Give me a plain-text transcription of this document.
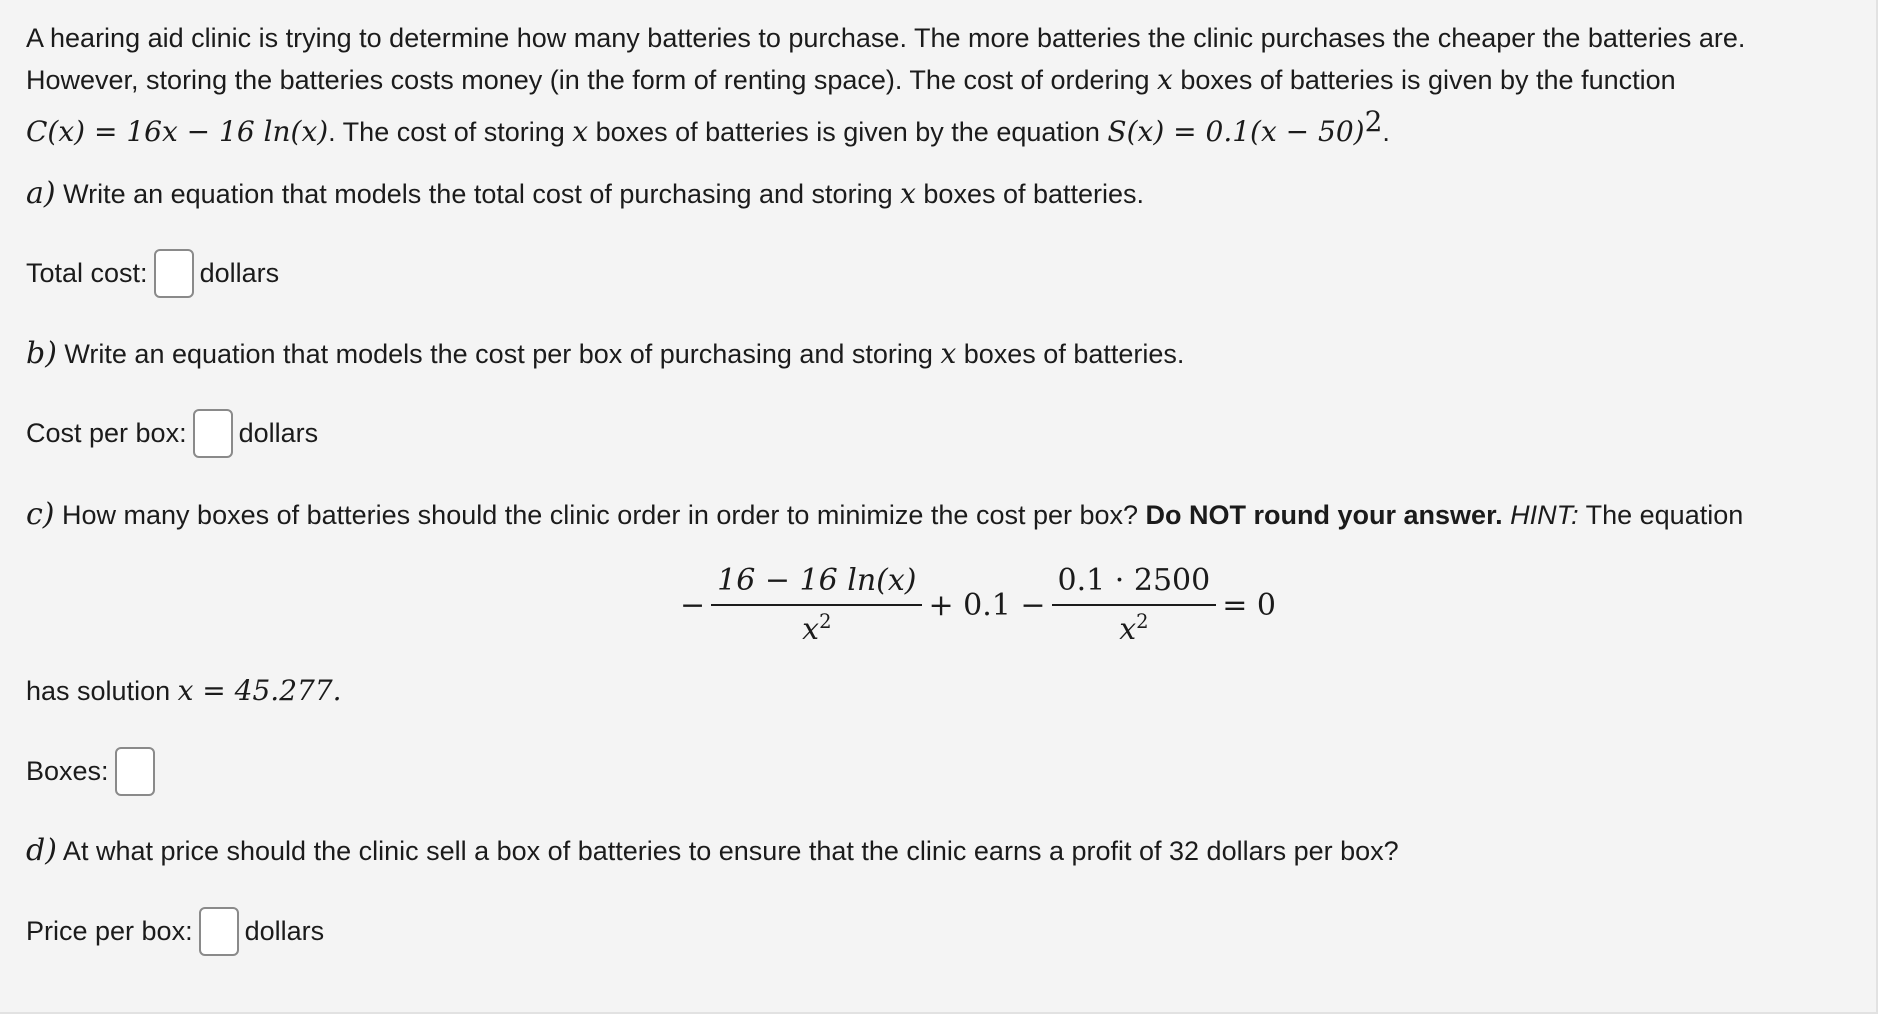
A hearing aid clinic is trying to determine how many batteries to purchase. The more batteries the clinic purchases the cheaper the batteries are.
However, storing the batteries costs money (in the form of renting space). The cost of ordering x boxes of batteries is given by the function
C(x) = 16x − 16 ln(x). The cost of storing x boxes of batteries is given by the equation $S(x) = 0.1(x - 50)^2$.

a) Write an equation that models the total cost of purchasing and storing x boxes of batteries.

Total cost: dollars

b) Write an equation that models the cost per box of purchasing and storing x boxes of batteries.

Cost per box: dollars

c) How many boxes of batteries should the clinic order in order to minimize the cost per box? Do NOT round your answer. HINT: The equation

− $\frac{16 - 16 \ln(x)}{x^2} + 0.1 - \frac{0.1 \cdot 2500}{x^2} = 0$

has solution x = 45.277.

Boxes:

d) At what price should the clinic sell a box of batteries to ensure that the clinic earns a profit of 32 dollars per box?

Price per box: dollars
